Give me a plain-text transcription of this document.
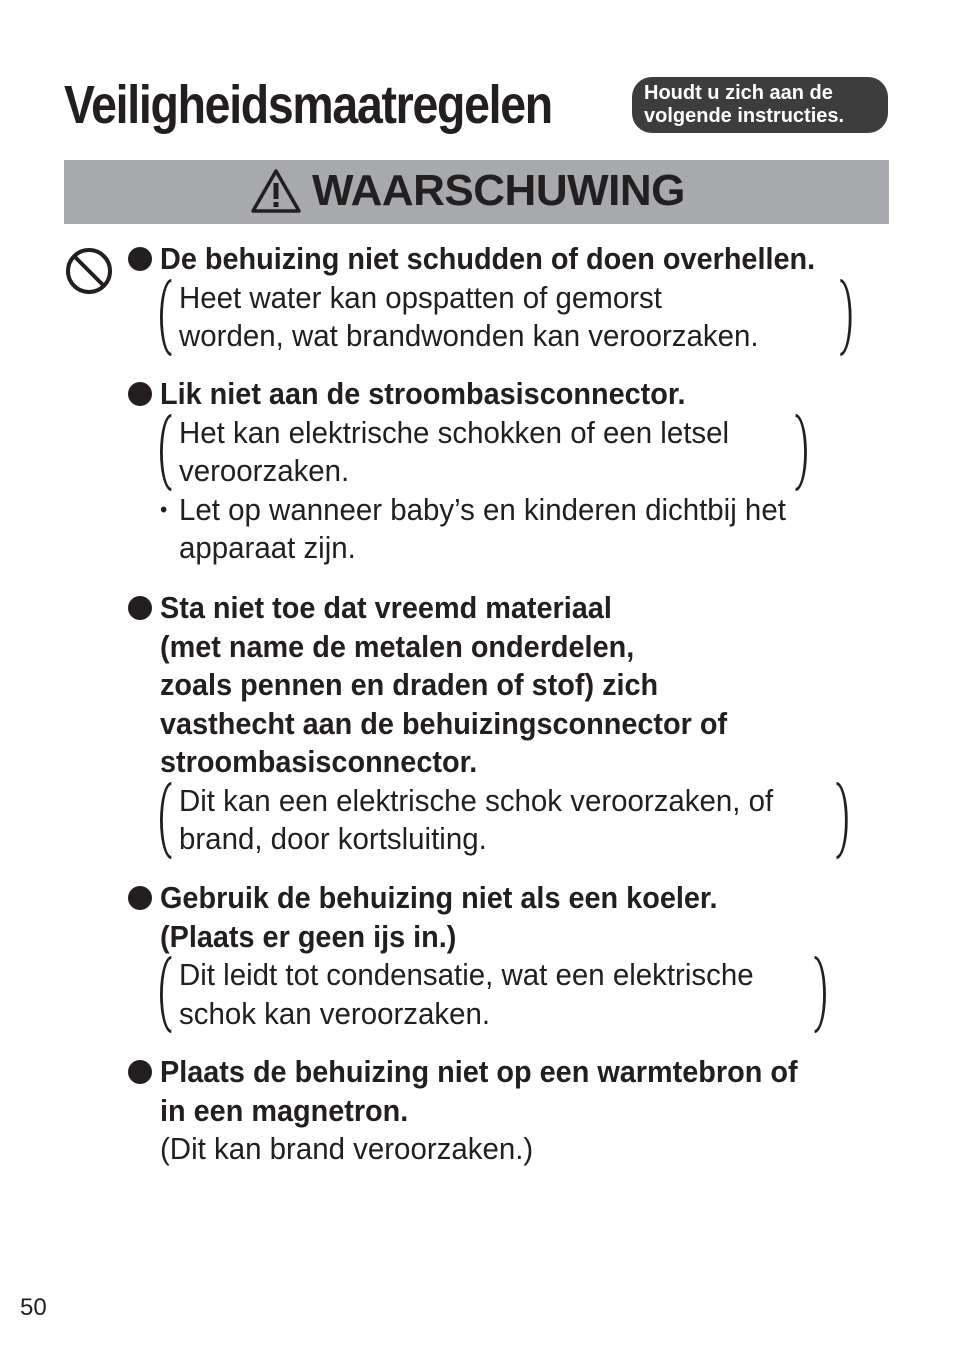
Veiligheidsmaatregelen	Houdt u zich aan de
volgende instructies.
WAARSCHUWING
De behuizing niet schudden of doen overhellen.
Heet water kan opspatten of gemorst
worden, wat brandwonden kan veroorzaken.
Lik niet aan de stroombasisconnector.
Het kan elektrische schokken of een letsel
veroorzaken.
• Let op wanneer baby’s en kinderen dichtbij het
apparaat zijn.
Sta niet toe dat vreemd materiaal
(met name de metalen onderdelen,
zoals pennen en draden of stof) zich
vasthecht aan de behuizingsconnector of
stroombasisconnector.
Dit kan een elektrische schok veroorzaken, of
brand, door kortsluiting.
Gebruik de behuizing niet als een koeler.
(Plaats er geen ijs in.)
Dit leidt tot condensatie, wat een elektrische
schok kan veroorzaken.
Plaats de behuizing niet op een warmtebron of
in een magnetron.
(Dit kan brand veroorzaken.)
50
